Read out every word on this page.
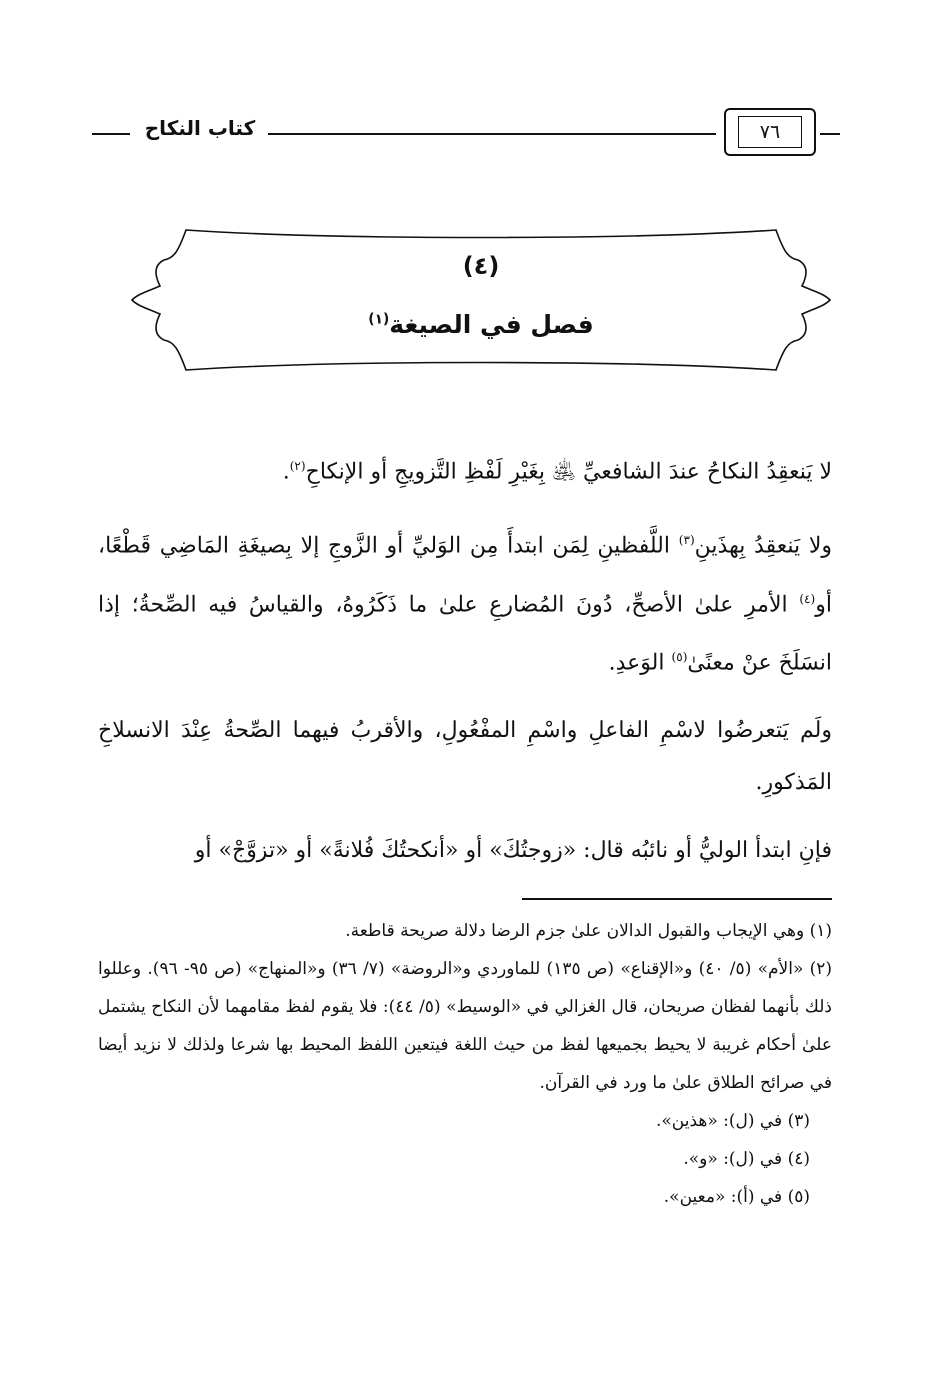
كتاب النكاح	٧٦
(٤)
فصل في الصيغة$^{(١)}$

لا يَنعقِدُ النكاحُ عندَ الشافعيِّ ﵁ بِغَيْرِ لَفْظِ التَّزويجِ أو الإنكاحِ$^{(٢)}$.

ولا يَنعقِدُ بِهذَينِ$^{(٣)}$ اللَّفظينِ لِمَن ابتدأَ مِن الوَليِّ أو الزَّوجِ إلا بِصيغَةِ المَاضِي قَطْعًا، أو$^{(٤)}$ الأمرِ علىٰ الأصحِّ، دُونَ المُضارعِ علىٰ ما ذَكَرُوهُ، والقياسُ فيه الصِّحةُ؛ إذا انسَلَخَ عنْ معنًىٰ$^{(٥)}$ الوَعدِ.

ولَم يَتعرضُوا لاسْمِ الفاعلِ واسْمِ المفْعُولِ، والأقربُ فيهما الصِّحةُ عِنْدَ الانسلاخِ المَذكورِ.

فإنِ ابتدأ الوليُّ أو نائبُه قال: «زوجتُكَ» أو «أنكحتُكَ فُلانةً» أو «تزوَّجْ» أو

(١) وهي الإيجاب والقبول الدالان علىٰ جزم الرضا دلالة صريحة قاطعة.

(٢) «الأم» (٥/ ٤٠) و«الإقناع» (ص ١٣٥) للماوردي و«الروضة» (٧/ ٣٦) و«المنهاج» (ص ٩٥- ٩٦). وعللوا ذلك بأنهما لفظان صريحان، قال الغزالي في «الوسيط» (٥/ ٤٤): فلا يقوم لفظ مقامهما لأن النكاح يشتمل علىٰ أحكام غريبة لا يحيط بجميعها لفظ من حيث اللغة فيتعين اللفظ المحيط بها شرعا ولذلك لا نزيد أيضا في صرائح الطلاق علىٰ ما ورد في القرآن.

(٣) في (ل): «هذين».

(٤) في (ل): «و».

(٥) في (أ): «معين».
